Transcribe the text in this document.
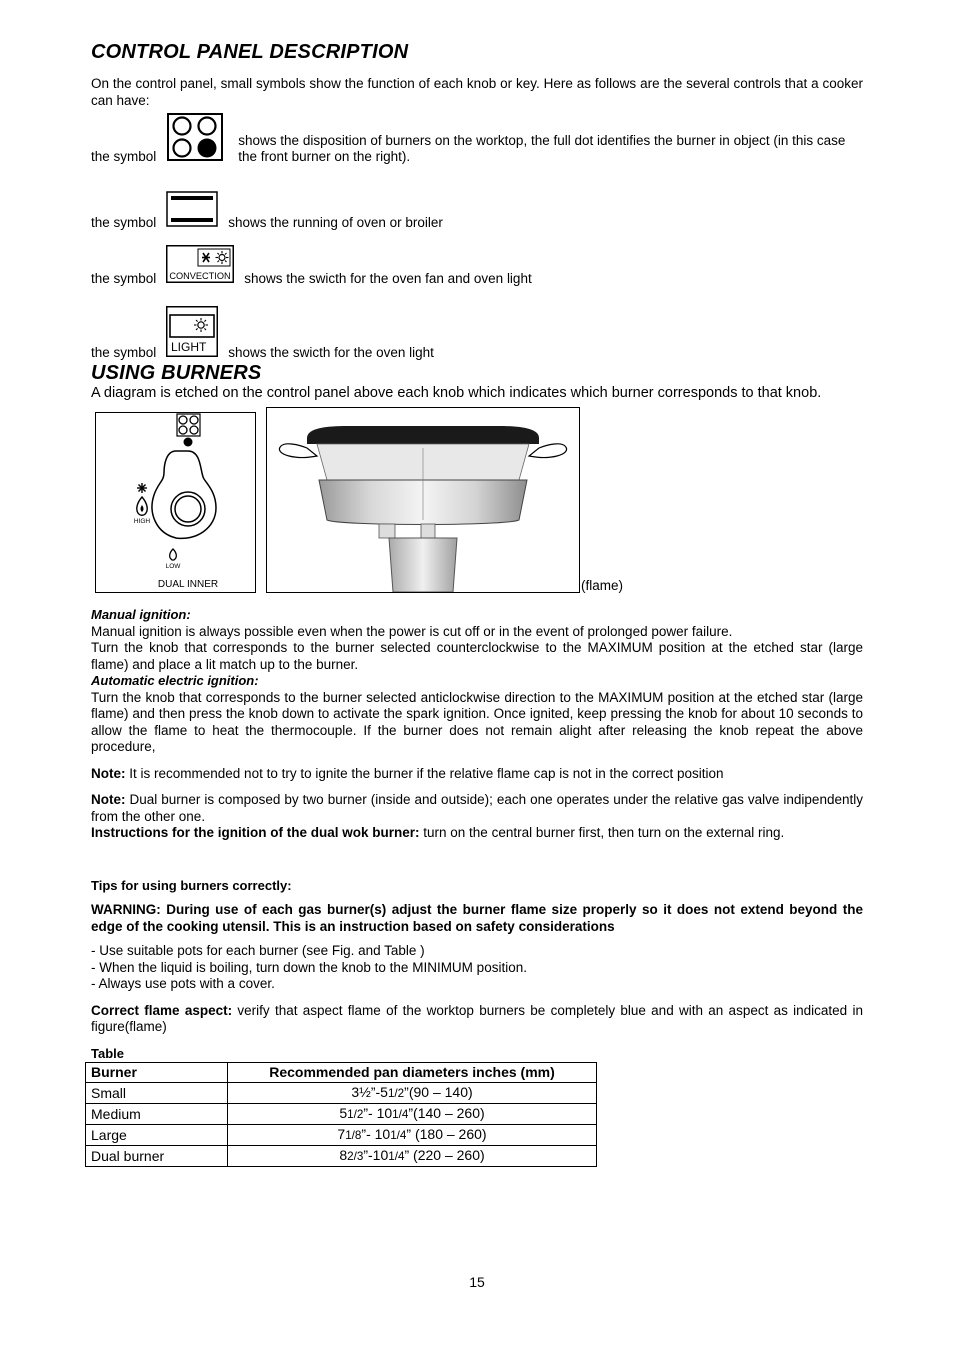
CONTROL PANEL DESCRIPTION

On the control panel, small symbols show the function of each knob or key. Here as follows are the several controls that a cooker can have:

the symbol
shows the disposition of burners on the worktop, the full dot identifies the burner in object (in this case the front burner on the right).
the symbol	shows the running of oven or broiler
the symbol CONVECTION shows the swicth for the oven fan and oven light
the symbol LIGHT shows the swicth for the oven light
USING BURNERS

A diagram is etched on the control panel above each knob which indicates which burner corresponds to that knob.

HIGH
LOW
DUAL INNER	(flame)
Manual ignition:

Manual ignition is always possible even when the power is cut off or in the event of prolonged power failure.

Turn the knob that corresponds to the burner selected counterclockwise to the MAXIMUM position at the etched star (large flame) and place a lit match up to the burner.

Automatic electric ignition:

Turn the knob that corresponds to the burner selected anticlockwise direction to the MAXIMUM position at the etched star (large flame) and then press the knob down to activate the spark ignition. Once ignited, keep pressing the knob for about 10 seconds to allow the flame to heat the thermocouple. If the burner does not remain alight after releasing the knob repeat the above procedure,

Note: It is recommended not to try to ignite the burner if the relative flame cap is not in the correct position

Note: Dual burner is composed by two burner (inside and outside); each one operates under the relative gas valve indipendently from the other one.

Instructions for the ignition of the dual wok burner: turn on the central burner first, then turn on the external ring.

Tips for using burners correctly:

WARNING: During use of each gas burner(s) adjust the burner flame size properly so it does not extend beyond the edge of the cooking utensil. This is an instruction based on safety considerations

- Use suitable pots for each burner (see Fig. and Table )
- When the liquid is boiling, turn down the knob to the MINIMUM position.
- Always use pots with a cover.

Correct flame aspect: verify that aspect flame of the worktop burners be completely blue and with an aspect as indicated in figure(flame)

Table
Burner	Recommended pan diameters inches (mm)
Small	3½”-51/2”(90 – 140)
Medium	51/2”- 101/4”(140 – 260)
Large	71/8”- 101/4” (180 – 260)
Dual burner	82/3”-101/4” (220 – 260)
15
